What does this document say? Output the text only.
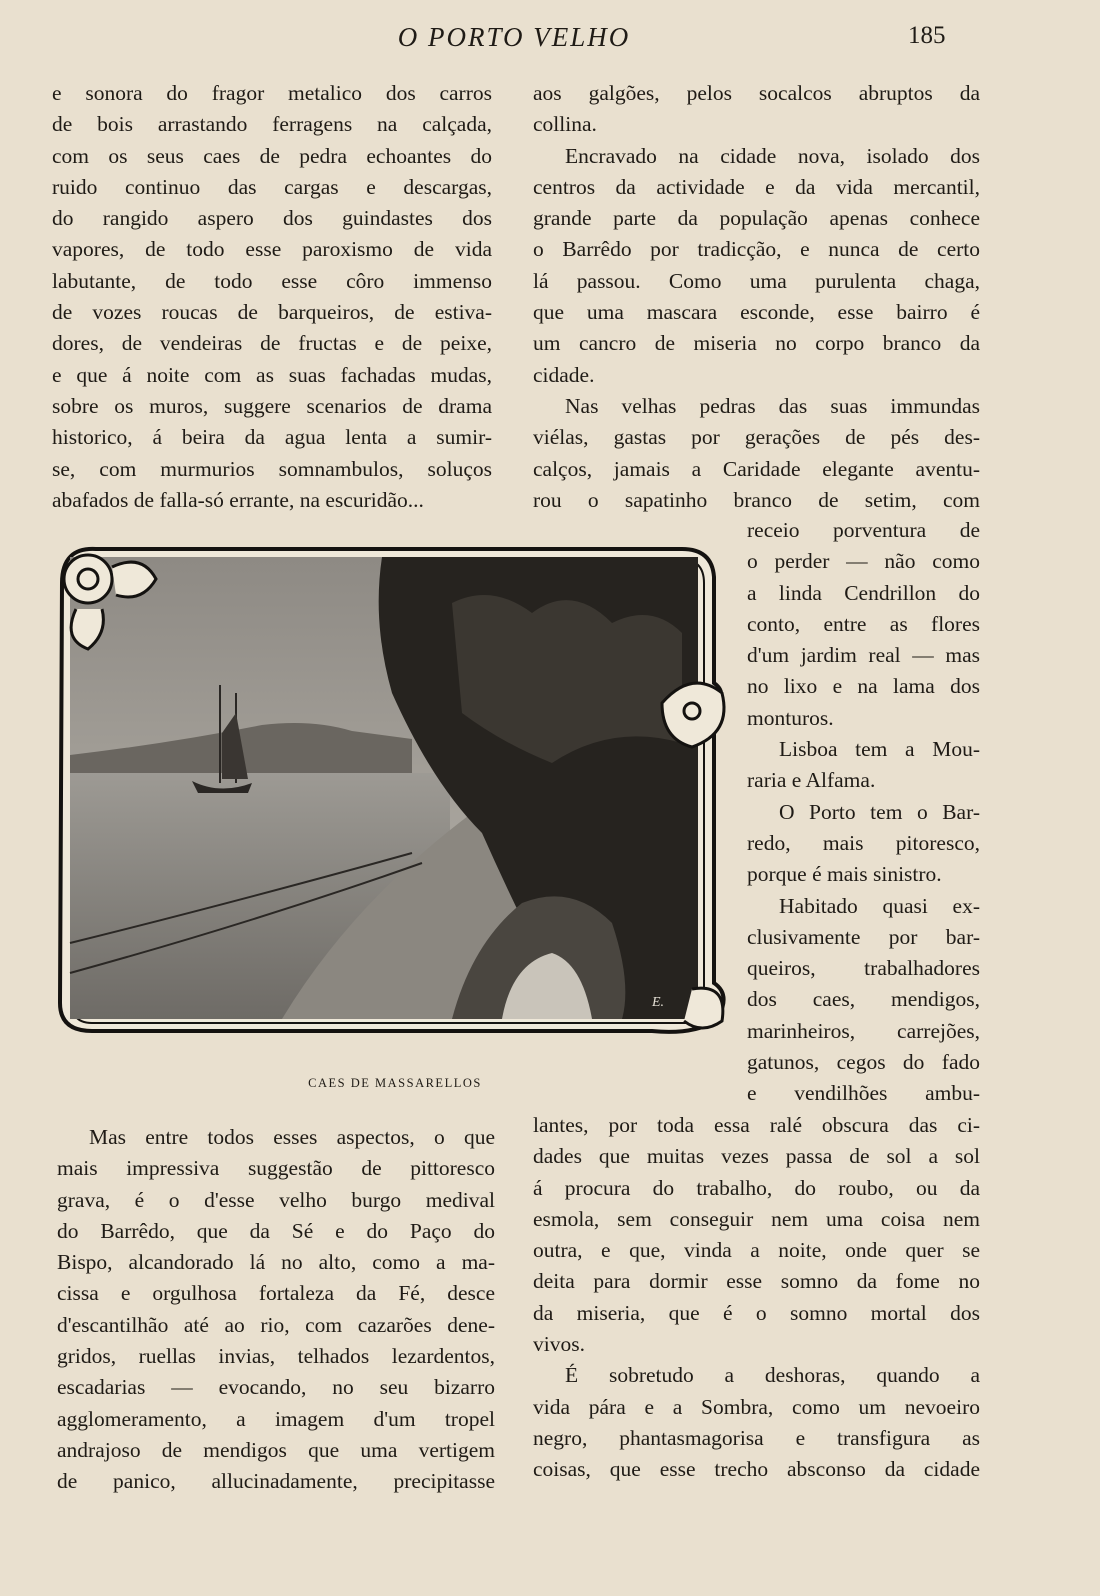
O PORTO VELHO	185

e sonora do fragor metalico dos carros

de bois arrastando ferragens na calçada,

com os seus caes de pedra echoantes do

ruido continuo das cargas e descargas,

do rangido aspero dos guindastes dos

vapores, de todo esse paroxismo de vida

labutante, de todo esse côro immenso

de vozes roucas de barqueiros, de estiva-

dores, de vendeiras de fructas e de peixe,

e que á noite com as suas fachadas mudas,

sobre os muros, suggere scenarios de drama

historico, á beira da agua lenta a sumir-

se, com murmurios somnambulos, soluços

abafados de falla-só errante, na escuridão...

aos galgões, pelos socalcos abruptos da

collina.

Encravado na cidade nova, isolado dos

centros da actividade e da vida mercantil,

grande parte da população apenas conhece

o Barrêdo por tradicção, e nunca de certo

lá passou. Como uma purulenta chaga,

que uma mascara esconde, esse bairro é

um cancro de miseria no corpo branco da

cidade.

Nas velhas pedras das suas immundas

viélas, gastas por gerações de pés des-

calços, jamais a Caridade elegante aventu-

rou o sapatinho branco de setim, com

receio porventura de

o perder — não como

a linda Cendrillon do

conto, entre as flores

d'um jardim real — mas

no lixo e na lama dos

monturos.

Lisboa tem a Mou-

raria e Alfama.

O Porto tem o Bar-

redo, mais pitoresco,

porque é mais sinistro.

Habitado quasi ex-

clusivamente por bar-

queiros, trabalhadores

dos caes, mendigos,

marinheiros, carrejões,

gatunos, cegos do fado

e vendilhões ambu-

lantes, por toda essa ralé obscura das ci-

dades que muitas vezes passa de sol a sol

á procura do trabalho, do roubo, ou da

esmola, sem conseguir nem uma coisa nem

outra, e que, vinda a noite, onde quer se

deita para dormir esse somno da fome no

da miseria, que é o somno mortal dos

vivos.

É sobretudo a deshoras, quando a

vida pára e a Sombra, como um nevoeiro

negro, phantasmagorisa e transfigura as

coisas, que esse trecho absconso da cidade

Mas entre todos esses aspectos, o que

mais impressiva suggestão de pittoresco

grava, é o d'esse velho burgo medival

do Barrêdo, que da Sé e do Paço do

Bispo, alcandorado lá no alto, como a ma-

cissa e orgulhosa fortaleza da Fé, desce

d'escantilhão até ao rio, com cazarões dene-

gridos, ruellas invias, telhados lezardentos,

escadarias — evocando, no seu bizarro

agglomeramento, a imagem d'um tropel

andrajoso de mendigos que uma vertigem

de panico, allucinadamente, precipitasse

E.
CAES DE MASSARELLOS
